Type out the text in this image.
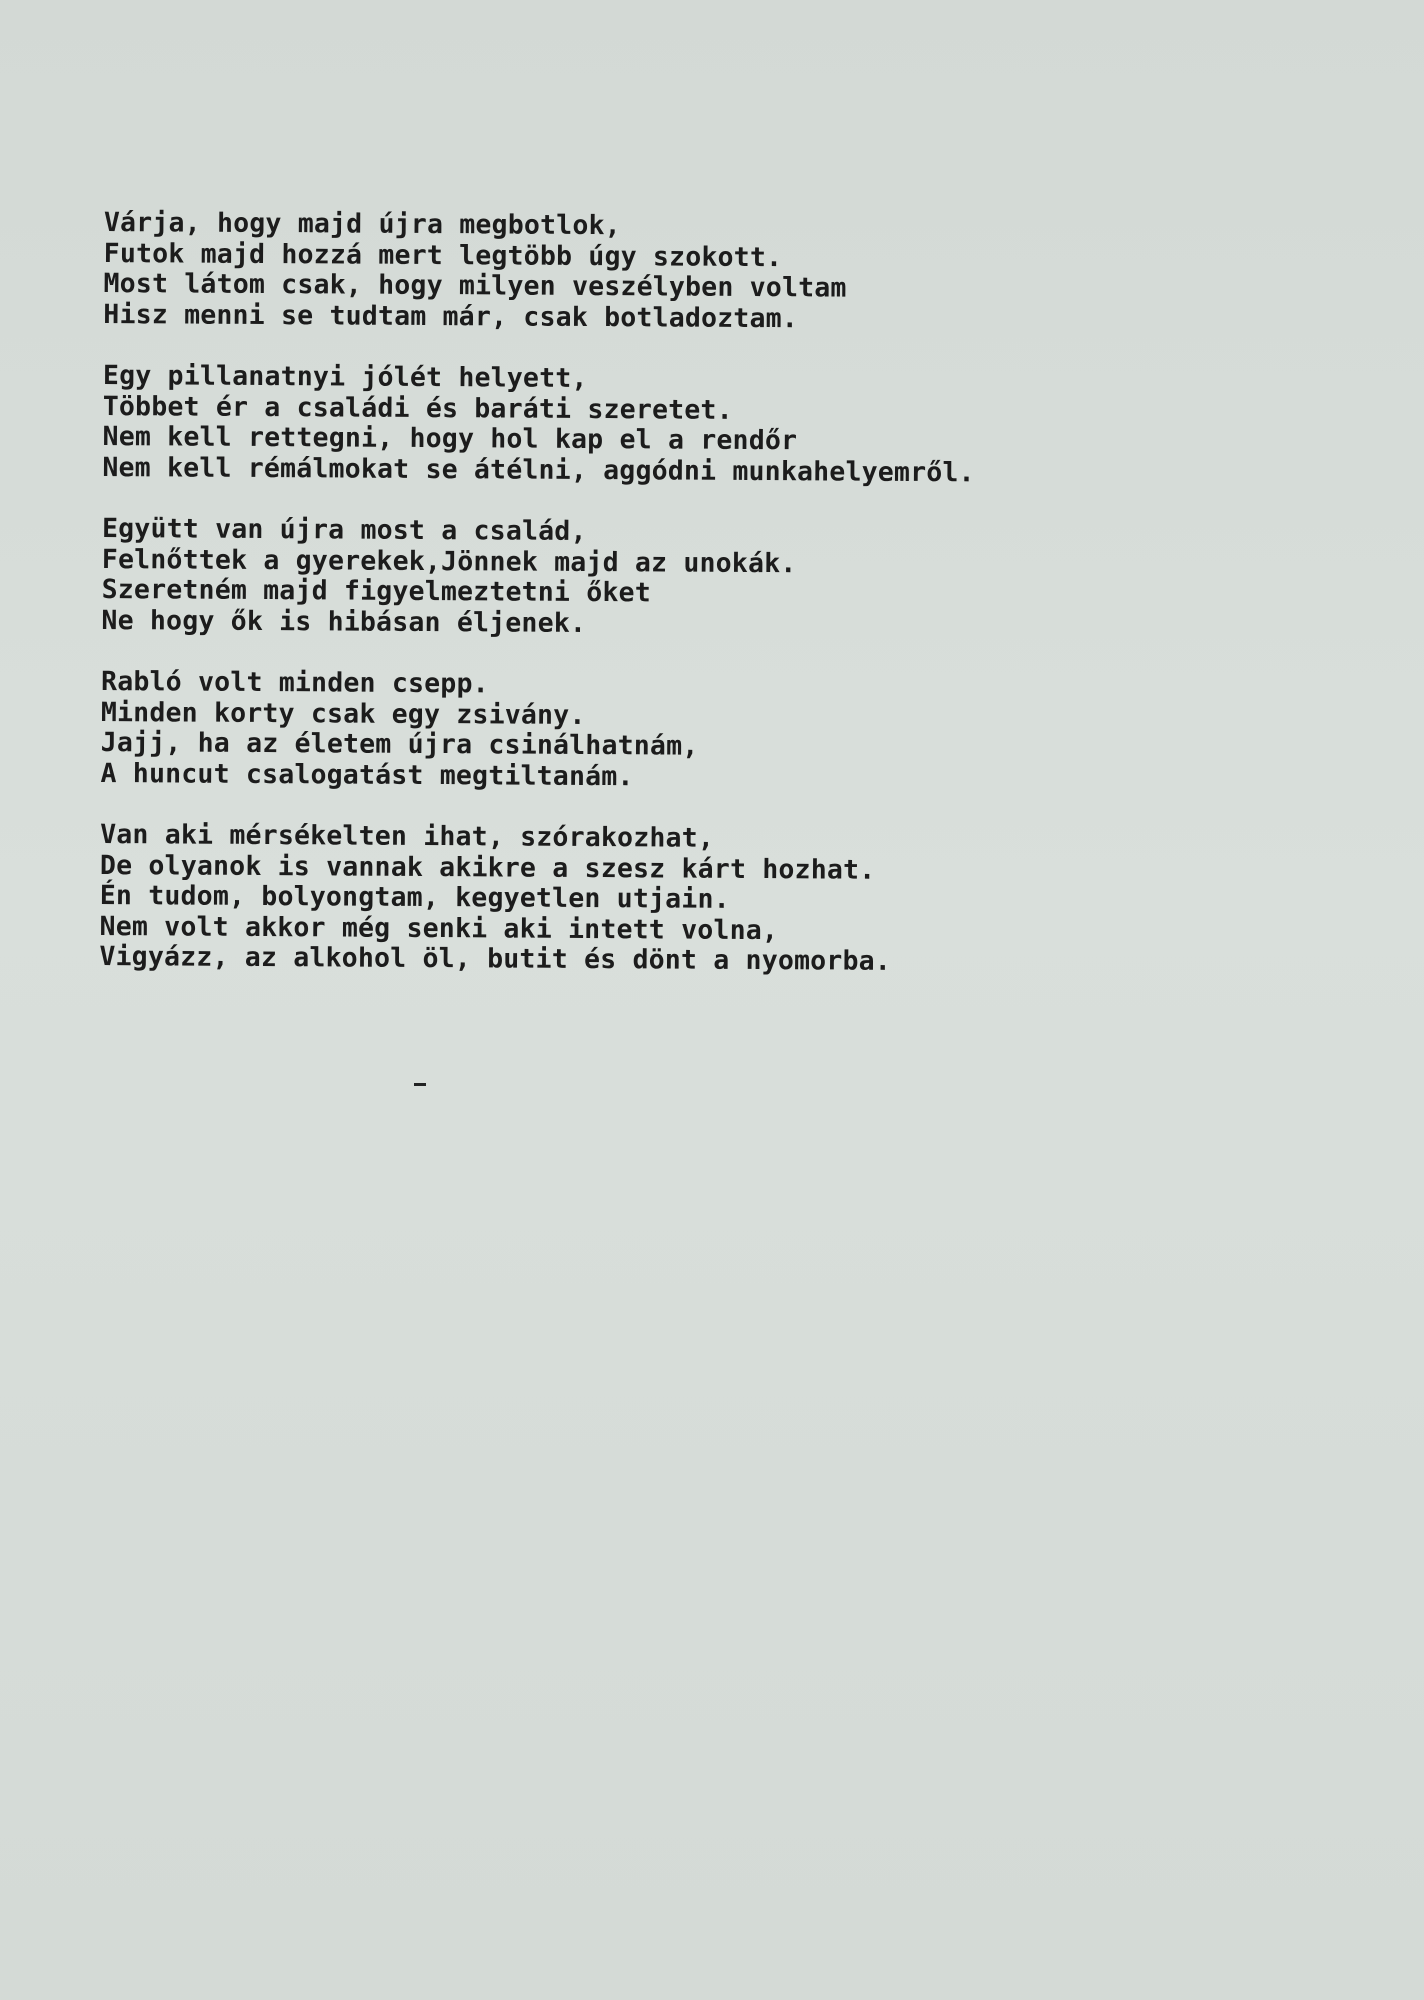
Várja, hogy majd újra megbotlok,
Futok majd hozzá mert legtöbb úgy szokott.
Most látom csak, hogy milyen veszélyben voltam
Hisz menni se tudtam már, csak botladoztam.
Egy pillanatnyi jólét helyett,
Többet ér a családi és baráti szeretet.
Nem kell rettegni, hogy hol kap el a rendőr
Nem kell rémálmokat se átélni, aggódni munkahelyemről.
Együtt van újra most a család,
Felnőttek a gyerekek,Jönnek majd az unokák.
Szeretném majd figyelmeztetni őket
Ne hogy ők is hibásan éljenek.
Rabló volt minden csepp.
Minden korty csak egy zsivány.
Jajj, ha az életem újra csinálhatnám,
A huncut csalogatást megtiltanám.
Van aki mérsékelten ihat, szórakozhat,
De olyanok is vannak akikre a szesz kárt hozhat.
Én tudom, bolyongtam, kegyetlen utjain.
Nem volt akkor még senki aki intett volna,
Vigyázz, az alkohol öl, butit és dönt a nyomorba.
